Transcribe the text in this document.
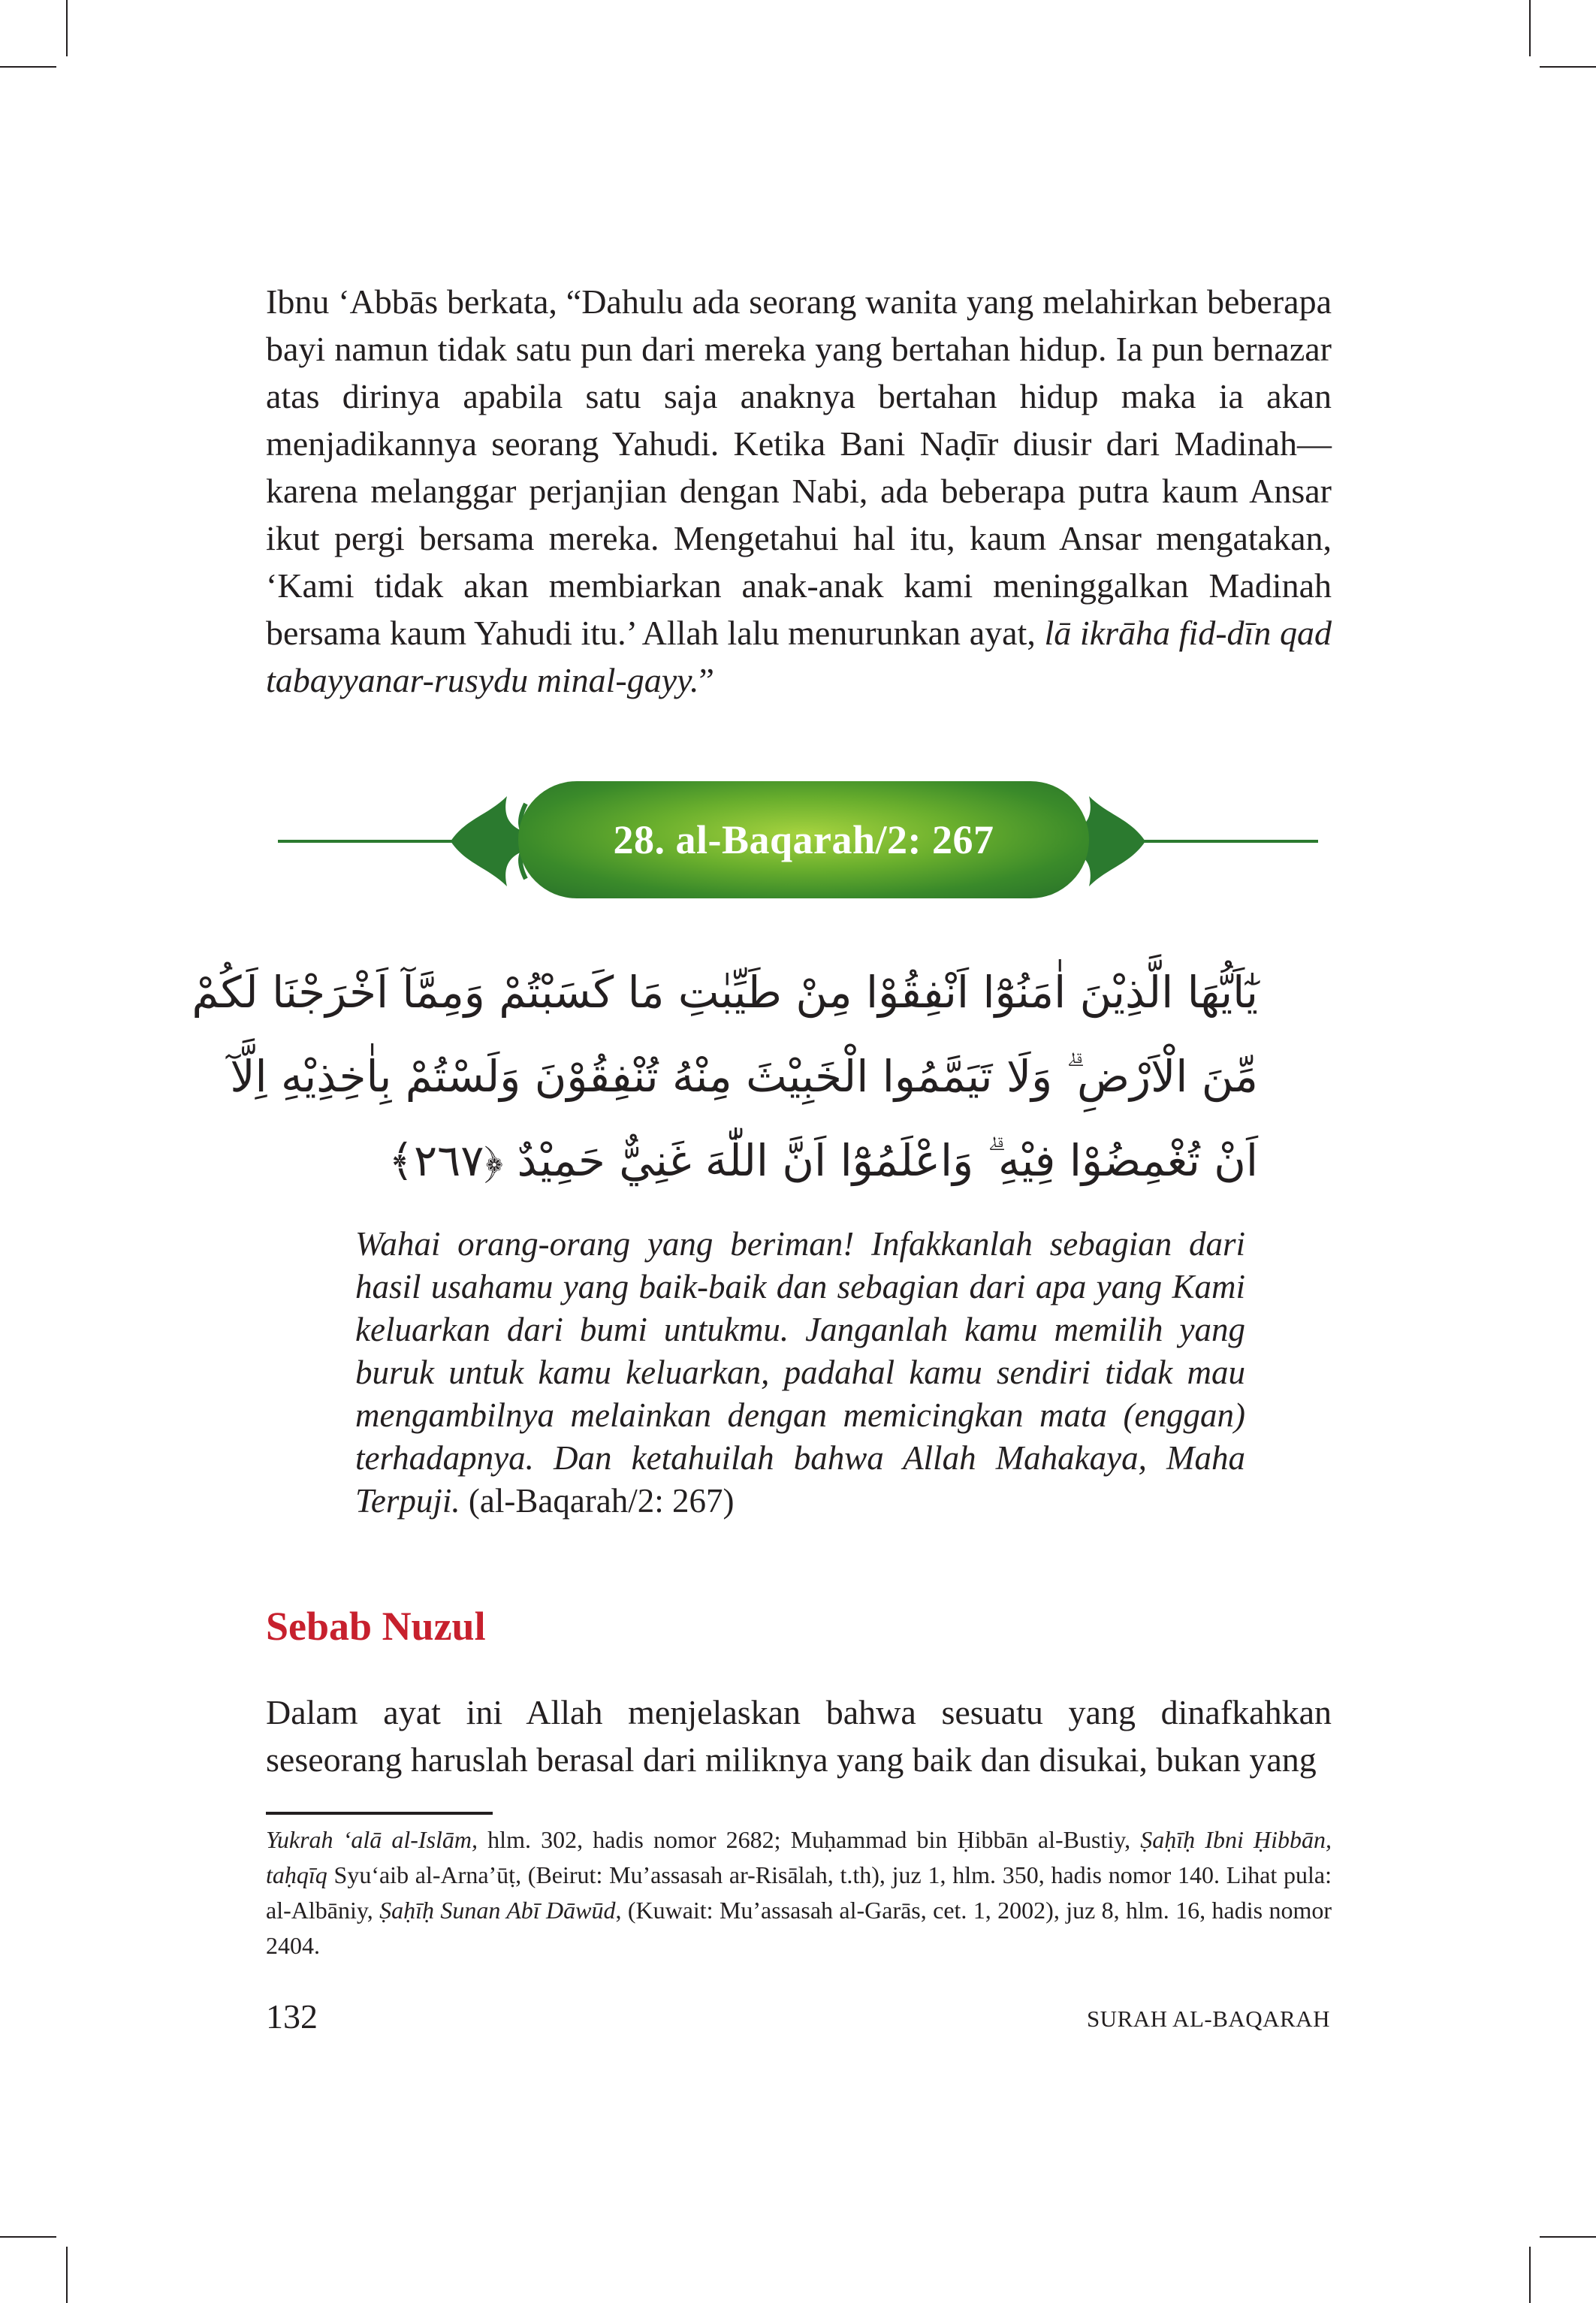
Ibnu ‘Abbās berkata, “Dahulu ada seorang wanita yang melahirkan beberapa bayi namun tidak satu pun dari mereka yang bertahan hidup. Ia pun bernazar atas dirinya apabila satu saja anaknya bertahan hidup maka ia akan menjadikannya seorang Yahudi. Ketika Bani Naḍīr diusir dari Madinah—karena melanggar perjanjian dengan Nabi, ada beberapa putra kaum Ansar ikut pergi bersama mereka. Mengetahui hal itu, kaum Ansar mengatakan, ‘Kami tidak akan membiarkan anak-anak kami meninggalkan Madinah bersama kaum Yahudi itu.’ Allah lalu menurunkan ayat, lā ikrāha fid-dīn qad tabayyanar-rusydu minal-gayy.”

28. al-Baqarah/2: 267
يٰٓاَيُّهَا الَّذِيْنَ اٰمَنُوْٓا اَنْفِقُوْا مِنْ طَيِّبٰتِ مَا كَسَبْتُمْ وَمِمَّآ اَخْرَجْنَا لَكُمْ
مِّنَ الْاَرْضِ ۗ وَلَا تَيَمَّمُوا الْخَبِيْثَ مِنْهُ تُنْفِقُوْنَ وَلَسْتُمْ بِاٰخِذِيْهِ اِلَّآ
اَنْ تُغْمِضُوْا فِيْهِ ۗ وَاعْلَمُوْٓا اَنَّ اللّٰهَ غَنِيٌّ حَمِيْدٌ ﴿٢٦٧﴾

Wahai orang-orang yang beriman! Infakkanlah sebagian dari hasil usahamu yang baik-baik dan sebagian dari apa yang Kami keluarkan dari bumi untukmu. Janganlah kamu memilih yang buruk untuk kamu keluarkan, padahal kamu sendiri tidak mau mengambilnya melainkan dengan memicingkan mata (enggan) terhadapnya. Dan ketahuilah bahwa Allah Mahakaya, Maha Terpuji. (al-Baqarah/2: 267)

Sebab Nuzul

Dalam ayat ini Allah menjelaskan bahwa sesuatu yang dinafkahkan seseorang haruslah berasal dari miliknya yang baik dan disukai, bukan yang

Yukrah ‘alā al-Islām, hlm. 302, hadis nomor 2682; Muḥammad bin Ḥibbān al-Bustiy, Ṣaḥīḥ Ibni Ḥibbān, taḥqīq Syu‘aib al-Arna’ūṭ, (Beirut: Mu’assasah ar-Risālah, t.th), juz 1, hlm. 350, hadis nomor 140. Lihat pula: al-Albāniy, Ṣaḥīḥ Sunan Abī Dāwūd, (Kuwait: Mu’assasah al-Garās, cet. 1, 2002), juz 8, hlm. 16, hadis nomor 2404.

132	SURAH AL-BAQARAH
